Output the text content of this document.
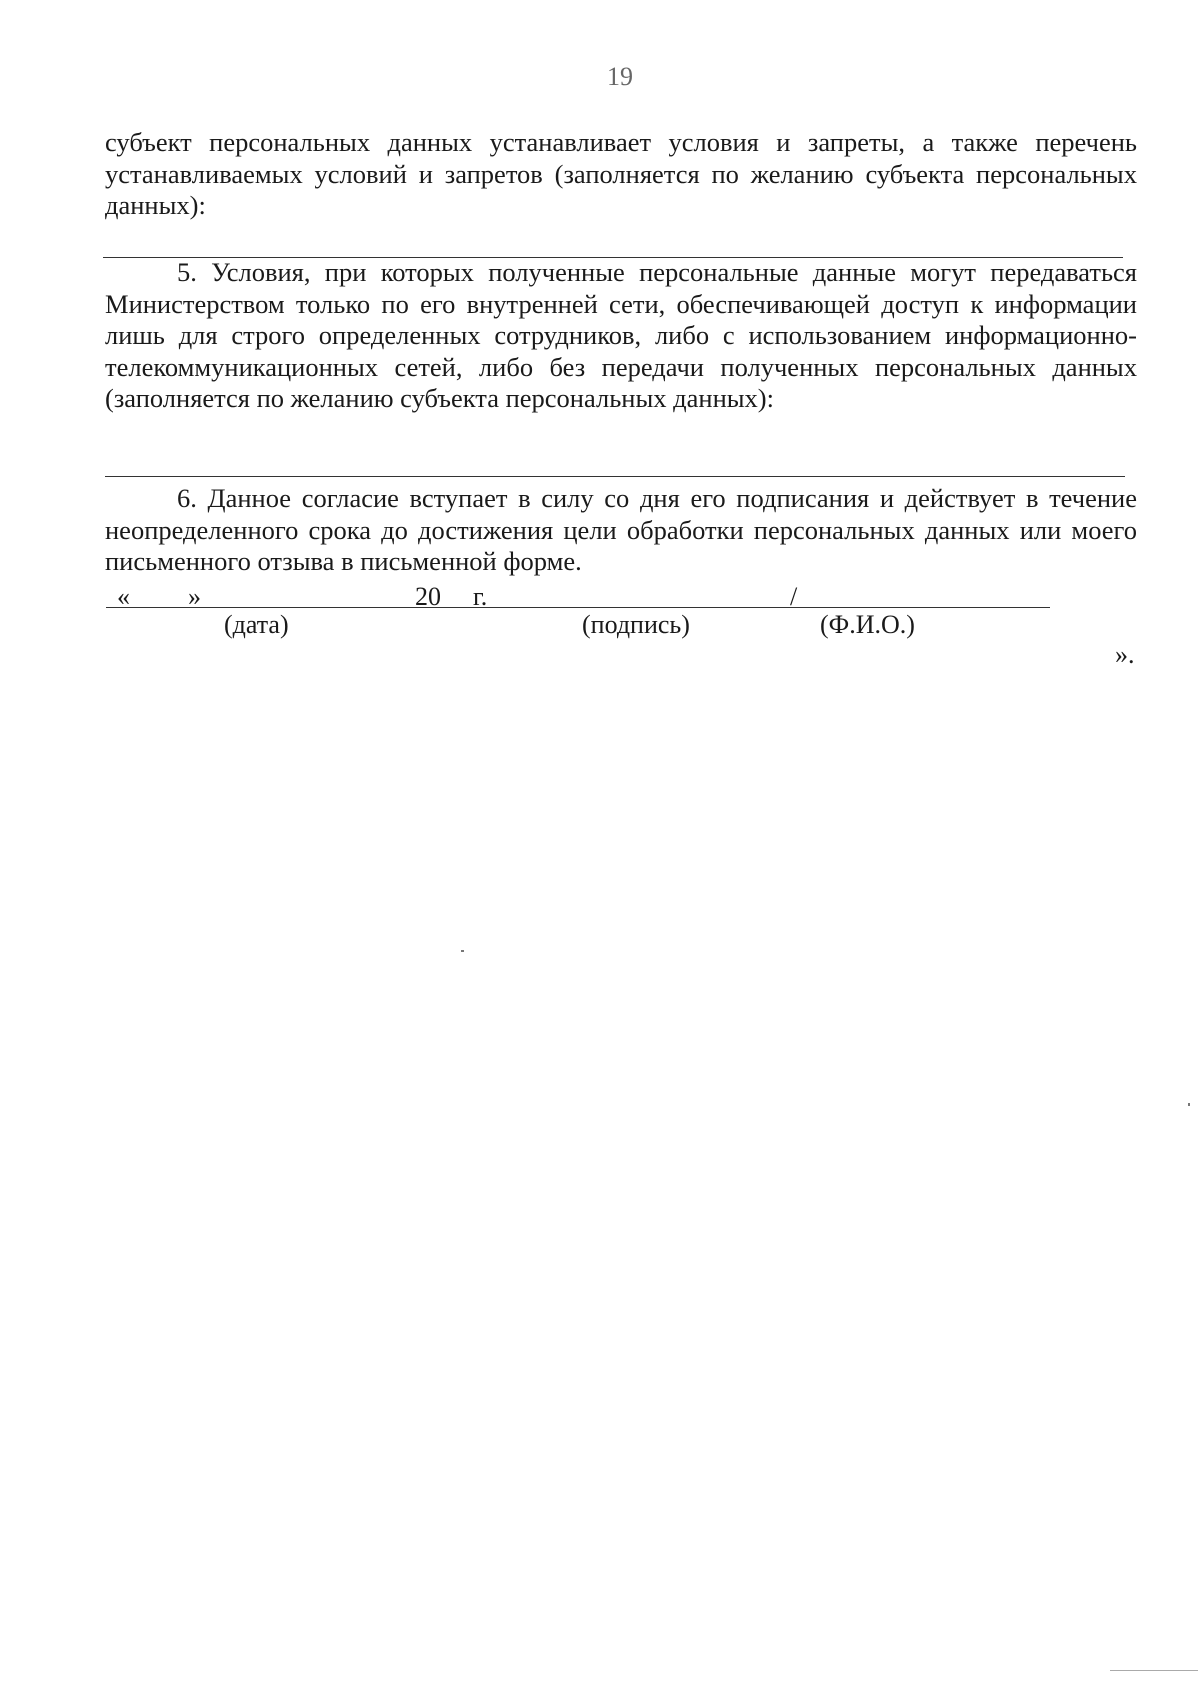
19
субъект персональных данных устанавливает условия и запреты, а также перечень устанавливаемых условий и запретов (заполняется по желанию субъекта персональных данных):
5. Условия, при которых полученные персональные данные могут передаваться Министерством только по его внутренней сети, обеспечивающей доступ к информации лишь для строго определенных сотрудников, либо с использованием информационно-телекоммуникационных сетей, либо без передачи полученных персональных данных (заполняется по желанию субъекта персональных данных):
6. Данное согласие вступает в силу со дня его подписания и действует в течение неопределенного срока до достижения цели обработки персональных данных или моего письменного отзыва в письменной форме.
« »	20 г.	/
(дата)	(подпись)	(Ф.И.О.)
».
